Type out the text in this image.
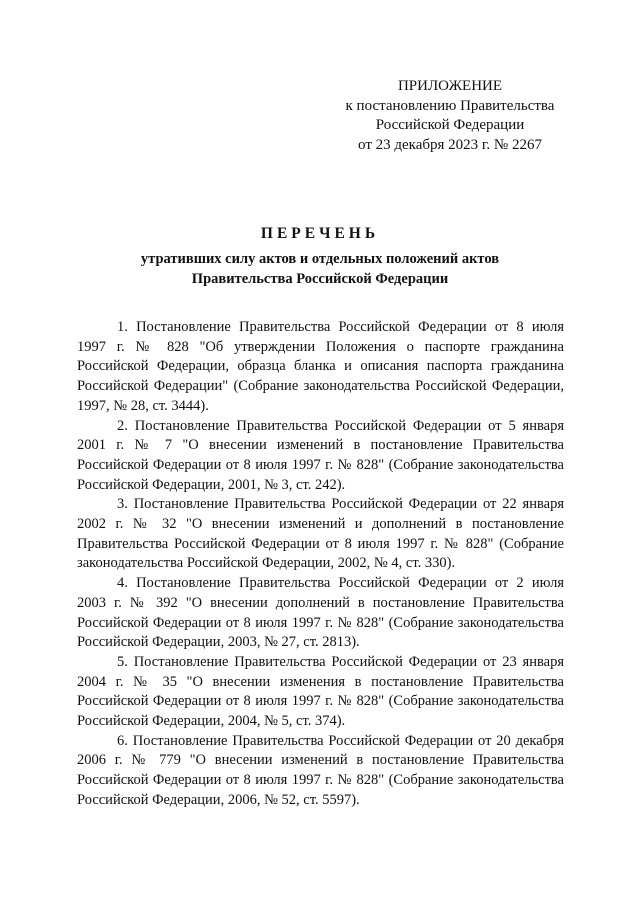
ПРИЛОЖЕНИЕ
к постановлению Правительства
Российской Федерации
от 23 декабря 2023 г. № 2267
ПЕРЕЧЕНЬ
утративших силу актов и отдельных положений актов
Правительства Российской Федерации

1. Постановление Правительства Российской Федерации от 8 июля 1997 г. № 828 "Об утверждении Положения о паспорте гражданина Российской Федерации, образца бланка и описания паспорта гражданина Российской Федерации" (Собрание законодательства Российской Федерации, 1997, № 28, ст. 3444).

2. Постановление Правительства Российской Федерации от 5 января 2001 г. № 7 "О внесении изменений в постановление Правительства Российской Федерации от 8 июля 1997 г. № 828" (Собрание законодательства Российской Федерации, 2001, № 3, ст. 242).

3. Постановление Правительства Российской Федерации от 22 января 2002 г. № 32 "О внесении изменений и дополнений в постановление Правительства Российской Федерации от 8 июля 1997 г. № 828" (Собрание законодательства Российской Федерации, 2002, № 4, ст. 330).

4. Постановление Правительства Российской Федерации от 2 июля 2003 г. № 392 "О внесении дополнений в постановление Правительства Российской Федерации от 8 июля 1997 г. № 828" (Собрание законодательства Российской Федерации, 2003, № 27, ст. 2813).

5. Постановление Правительства Российской Федерации от 23 января 2004 г. № 35 "О внесении изменения в постановление Правительства Российской Федерации от 8 июля 1997 г. № 828" (Собрание законодательства Российской Федерации, 2004, № 5, ст. 374).

6. Постановление Правительства Российской Федерации от 20 декабря 2006 г. № 779 "О внесении изменений в постановление Правительства Российской Федерации от 8 июля 1997 г. № 828" (Собрание законодательства Российской Федерации, 2006, № 52, ст. 5597).
